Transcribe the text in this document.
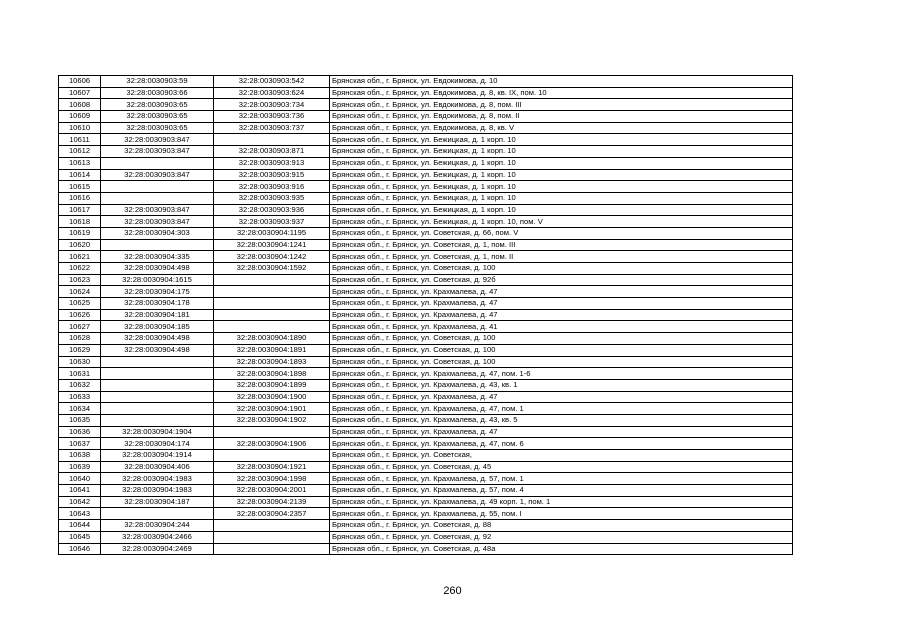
10606	32:28:0030903:59	32:28:0030903:542	Брянская обл., г. Брянск, ул. Евдокимова, д. 10
10607	32:28:0030903:66	32:28:0030903:624	Брянская обл., г. Брянск, ул. Евдокимова, д. 8, кв. IX, пом. 10
10608	32:28:0030903:65	32:28:0030903:734	Брянская обл., г. Брянск, ул. Евдокимова, д. 8, пом. III
10609	32:28:0030903:65	32:28:0030903:736	Брянская обл., г. Брянск, ул. Евдокимова, д. 8, пом. II
10610	32:28:0030903:65	32:28:0030903:737	Брянская обл., г. Брянск, ул. Евдокимова, д. 8, кв. V
10611	32:28:0030903:847		Брянская обл., г. Брянск, ул. Бежицкая, д. 1 корп. 10
10612	32:28:0030903:847	32:28:0030903:871	Брянская обл., г. Брянск, ул. Бежицкая, д. 1 корп. 10
10613		32:28:0030903:913	Брянская обл., г. Брянск, ул. Бежицкая, д. 1 корп. 10
10614	32:28:0030903:847	32:28:0030903:915	Брянская обл., г. Брянск, ул. Бежицкая, д. 1 корп. 10
10615		32:28:0030903:916	Брянская обл., г. Брянск, ул. Бежицкая, д. 1 корп. 10
10616		32:28:0030903:935	Брянская обл., г. Брянск, ул. Бежицкая, д. 1 корп. 10
10617	32:28:0030903:847	32:28:0030903:936	Брянская обл., г. Брянск, ул. Бежицкая, д. 1 корп. 10
10618	32:28:0030903:847	32:28:0030903:937	Брянская обл., г. Брянск, ул. Бежицкая, д. 1 корп. 10, пом. V
10619	32:28:0030904:303	32:28:0030904:1195	Брянская обл., г. Брянск, ул. Советская, д. 66, пом. V
10620		32:28:0030904:1241	Брянская обл., г. Брянск, ул. Советская, д. 1, пом. III
10621	32:28:0030904:335	32:28:0030904:1242	Брянская обл., г. Брянск, ул. Советская, д. 1, пом. II
10622	32:28:0030904:498	32:28:0030904:1592	Брянская обл., г. Брянск, ул. Советская, д. 100
10623	32:28:0030904:1615		Брянская обл., г. Брянск, ул. Советская, д. 92б
10624	32:28:0030904:175		Брянская обл., г. Брянск, ул. Крахмалева, д. 47
10625	32:28:0030904:178		Брянская обл., г. Брянск, ул. Крахмалева, д. 47
10626	32:28:0030904:181		Брянская обл., г. Брянск, ул. Крахмалева, д. 47
10627	32:28:0030904:185		Брянская обл., г. Брянск, ул. Крахмалева, д. 41
10628	32:28:0030904:498	32:28:0030904:1890	Брянская обл., г. Брянск, ул. Советская, д. 100
10629	32:28:0030904:498	32:28:0030904:1891	Брянская обл., г. Брянск, ул. Советская, д. 100
10630		32:28:0030904:1893	Брянская обл., г. Брянск, ул. Советская, д. 100
10631		32:28:0030904:1898	Брянская обл., г. Брянск, ул. Крахмалева, д. 47, пом. 1-6
10632		32:28:0030904:1899	Брянская обл., г. Брянск, ул. Крахмалева, д. 43, кв. 1
10633		32:28:0030904:1900	Брянская обл., г. Брянск, ул. Крахмалева, д. 47
10634		32:28:0030904:1901	Брянская обл., г. Брянск, ул. Крахмалева, д. 47, пом. 1
10635		32:28:0030904:1902	Брянская обл., г. Брянск, ул. Крахмалева, д. 43, кв. 5
10636	32:28:0030904:1904		Брянская обл., г. Брянск, ул. Крахмалева, д. 47
10637	32:28:0030904:174	32:28:0030904:1906	Брянская обл., г. Брянск, ул. Крахмалева, д. 47, пом. 6
10638	32:28:0030904:1914		Брянская обл., г. Брянск, ул. Советская,
10639	32:28:0030904:406	32:28:0030904:1921	Брянская обл., г. Брянск, ул. Советская, д. 45
10640	32:28:0030904:1983	32:28:0030904:1998	Брянская обл., г. Брянск, ул. Крахмалева, д. 57, пом. 1
10641	32:28:0030904:1983	32:28:0030904:2001	Брянская обл., г. Брянск, ул. Крахмалева, д. 57, пом. 4
10642	32:28:0030904:187	32:28:0030904:2139	Брянская обл., г. Брянск, ул. Крахмалева, д. 49 корп. 1, пом. 1
10643		32:28:0030904:2357	Брянская обл., г. Брянск, ул. Крахмалева, д. 55, пом. I
10644	32:28:0030904:244		Брянская обл., г. Брянск, ул. Советская, д. 88
10645	32:28:0030904:2466		Брянская обл., г. Брянск, ул. Советская, д. 92
10646	32:28:0030904:2469		Брянская обл., г. Брянск, ул. Советская, д. 48а
260
